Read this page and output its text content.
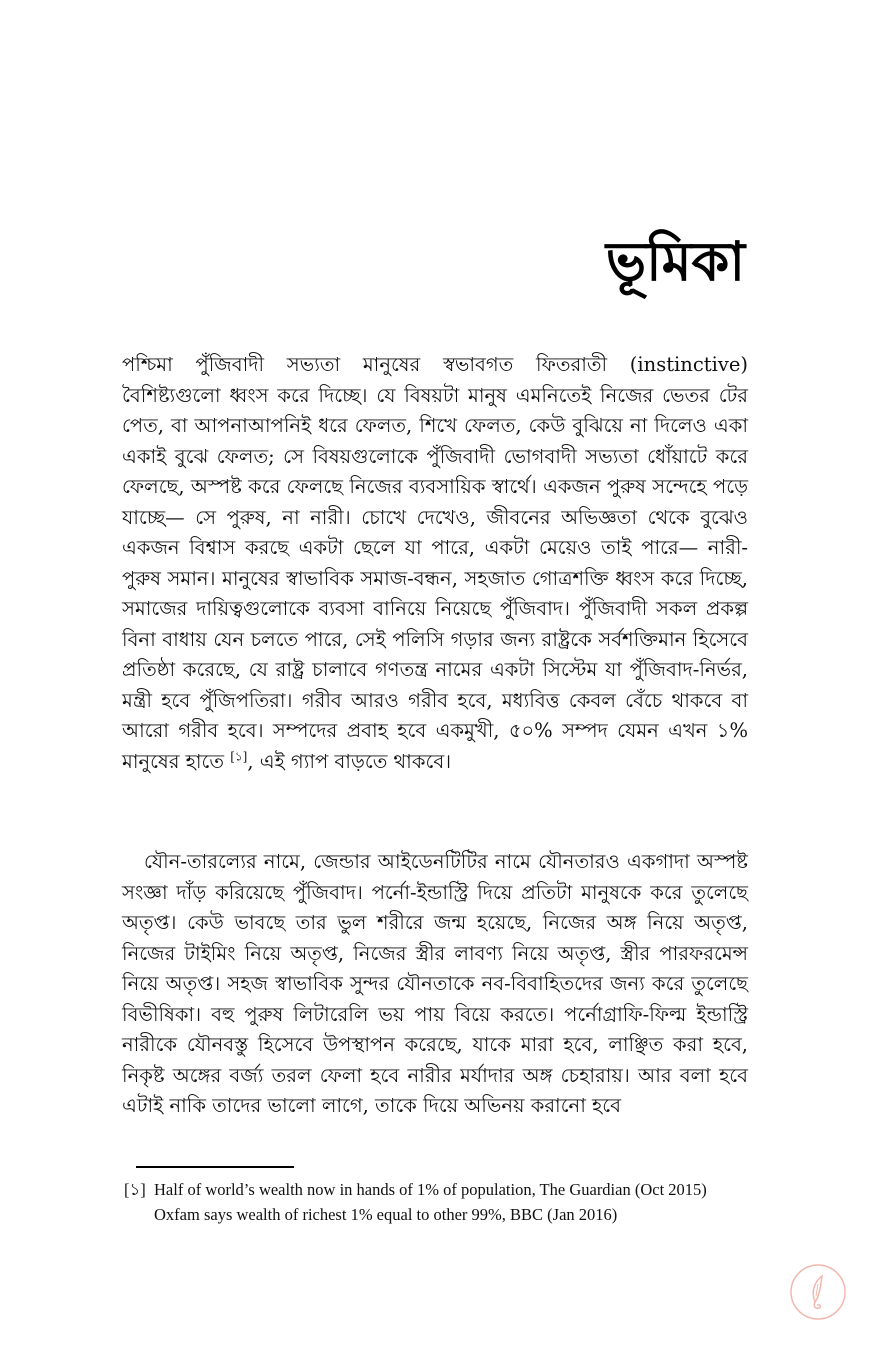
ভূমিকা

পশ্চিমা পুঁজিবাদী সভ্যতা মানুষের স্বভাবগত ফিতরাতী (instinctive) বৈশিষ্ট্যগুলো ধ্বংস করে দিচ্ছে। যে বিষয়টা মানুষ এমনিতেই নিজের ভেতর টের পেত, বা আপনাআপনিই ধরে ফেলত, শিখে ফেলত, কেউ বুঝিয়ে না দিলেও একা একাই বুঝে ফেলত; সে বিষয়গুলোকে পুঁজিবাদী ভোগবাদী সভ্যতা ধোঁয়াটে করে ফেলছে, অস্পষ্ট করে ফেলছে নিজের ব্যবসায়িক স্বার্থে। একজন পুরুষ সন্দেহে পড়ে যাচ্ছে— সে পুরুষ, না নারী। চোখে দেখেও, জীবনের অভিজ্ঞতা থেকে বুঝেও একজন বিশ্বাস করছে একটা ছেলে যা পারে, একটা মেয়েও তাই পারে— নারী-পুরুষ সমান। মানুষের স্বাভাবিক সমাজ-বন্ধন, সহজাত গোত্রশক্তি ধ্বংস করে দিচ্ছে, সমাজের দায়িত্বগুলোকে ব্যবসা বানিয়ে নিয়েছে পুঁজিবাদ। পুঁজিবাদী সকল প্রকল্প বিনা বাধায় যেন চলতে পারে, সেই পলিসি গড়ার জন্য রাষ্ট্রকে সর্বশক্তিমান হিসেবে প্রতিষ্ঠা করেছে, যে রাষ্ট্র চালাবে গণতন্ত্র নামের একটা সিস্টেম যা পুঁজিবাদ-নির্ভর, মন্ত্রী হবে পুঁজিপতিরা। গরীব আরও গরীব হবে, মধ্যবিত্ত কেবল বেঁচে থাকবে বা আরো গরীব হবে। সম্পদের প্রবাহ হবে একমুখী, ৫০% সম্পদ যেমন এখন ১% মানুষের হাতে [১], এই গ্যাপ বাড়তে থাকবে।

যৌন-তারল্যের নামে, জেন্ডার আইডেনটিটির নামে যৌনতারও একগাদা অস্পষ্ট সংজ্ঞা দাঁড় করিয়েছে পুঁজিবাদ। পর্নো-ইন্ডাস্ট্রি দিয়ে প্রতিটা মানুষকে করে তুলেছে অতৃপ্ত। কেউ ভাবছে তার ভুল শরীরে জন্ম হয়েছে, নিজের অঙ্গ নিয়ে অতৃপ্ত, নিজের টাইমিং নিয়ে অতৃপ্ত, নিজের স্ত্রীর লাবণ্য নিয়ে অতৃপ্ত, স্ত্রীর পারফরমেন্স নিয়ে অতৃপ্ত। সহজ স্বাভাবিক সুন্দর যৌনতাকে নব-বিবাহিতদের জন্য করে তুলেছে বিভীষিকা। বহু পুরুষ লিটারেলি ভয় পায় বিয়ে করতে। পর্নোগ্রাফি-ফিল্ম ইন্ডাস্ট্রি নারীকে যৌনবস্তু হিসেবে উপস্থাপন করেছে, যাকে মারা হবে, লাঞ্ছিত করা হবে, নিকৃষ্ট অঙ্গের বর্জ্য তরল ফেলা হবে নারীর মর্যাদার অঙ্গ চেহারায়। আর বলা হবে এটাই নাকি তাদের ভালো লাগে, তাকে দিয়ে অভিনয় করানো হবে

[১] Half of world’s wealth now in hands of 1% of population, The Guardian (Oct 2015)
Oxfam says wealth of richest 1% equal to other 99%, BBC (Jan 2016)
